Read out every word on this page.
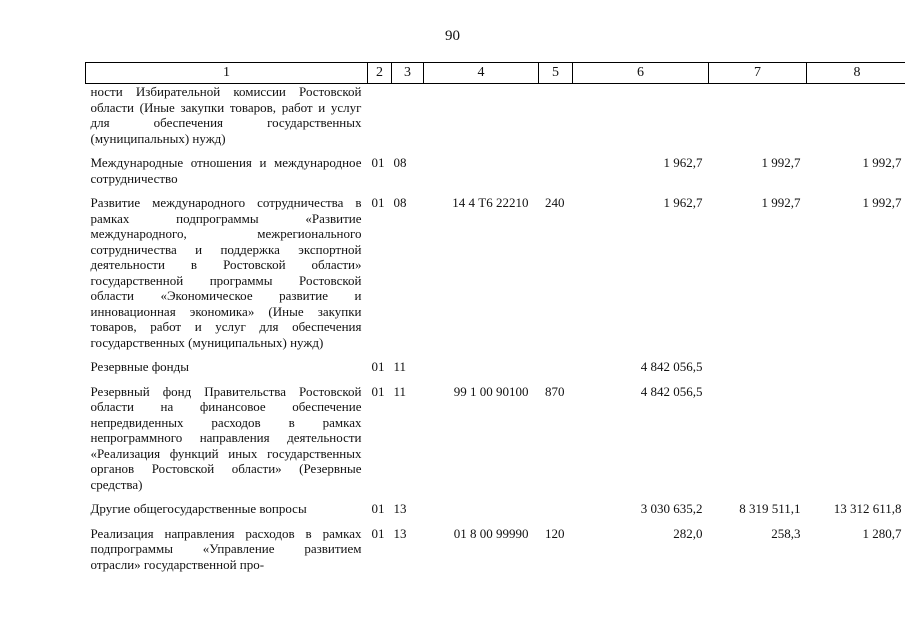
90
1	2	3	4	5	6	7	8
ности Избирательной комиссии Ростовской области (Иные закупки товаров, работ и услуг для обеспечения государственных (муниципальных) нужд)							
Международные отношения и международное сотрудничество	01	08			1 962,7	1 992,7	1 992,7
Развитие международного сотрудничества в рамках подпрограммы «Развитие международного, межрегионального сотрудничества и поддержка экспортной деятельности в Ростовской области» государственной программы Ростовской области «Экономическое развитие и инновационная экономика» (Иные закупки товаров, работ и услуг для обеспечения государственных (муниципальных) нужд)	01	08	14 4 Т6 22210	240	1 962,7	1 992,7	1 992,7
Резервные фонды	01	11			4 842 056,5		
Резервный фонд Правительства Ростовской области на финансовое обеспечение непредвиденных расходов в рамках непрограммного направления деятельности «Реализация функций иных государственных органов Ростовской области» (Резервные средства)	01	11	99 1 00 90100	870	4 842 056,5		
Другие общегосударственные вопросы	01	13			3 030 635,2	8 319 511,1	13 312 611,8
Реализация направления расходов в рамках подпрограммы «Управление развитием отрасли» государственной про-	01	13	01 8 00 99990	120	282,0	258,3	1 280,7
